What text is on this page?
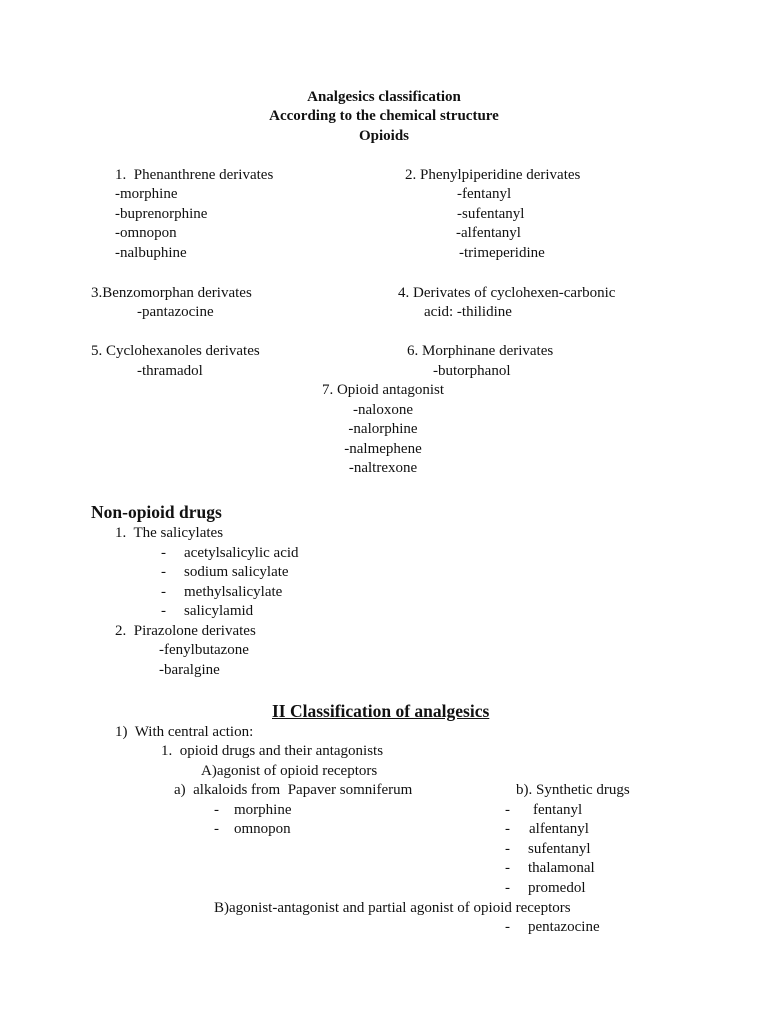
Analgesics classification
According to the chemical structure
Opioids
1.  Phenanthrene derivates
-morphine
-buprenorphine
-omnopon
-nalbuphine
2. Phenylpiperidine derivates
-fentanyl
-sufentanyl
-alfentanyl
-trimeperidine
3.Benzomorphan derivates
-pantazocine
4. Derivates of cyclohexen-carbonic
acid: -thilidine
5. Cyclohexanoles derivates
-thramadol
6. Morphinane derivates
-butorphanol
7. Opioid antagonist
-naloxone
-nalorphine
-nalmephene
-naltrexone
Non-opioid drugs
1.  The salicylates
- acetylsalicylic acid
- sodium salicylate
- methylsalicylate
- salicylamid
2.  Pirazolone derivates
-fenylbutazone
-baralgine
II Classification of analgesics
1)  With central action:
1.  opioid drugs and their antagonists
A)agonist of opioid receptors
a)  alkaloids from  Papaver somniferum	b). Synthetic drugs
- morphine
- omnopon
- fentanyl
- alfentanyl
- sufentanyl
- thalamonal
- promedol
B)agonist-antagonist and partial agonist of opioid receptors
- pentazocine
